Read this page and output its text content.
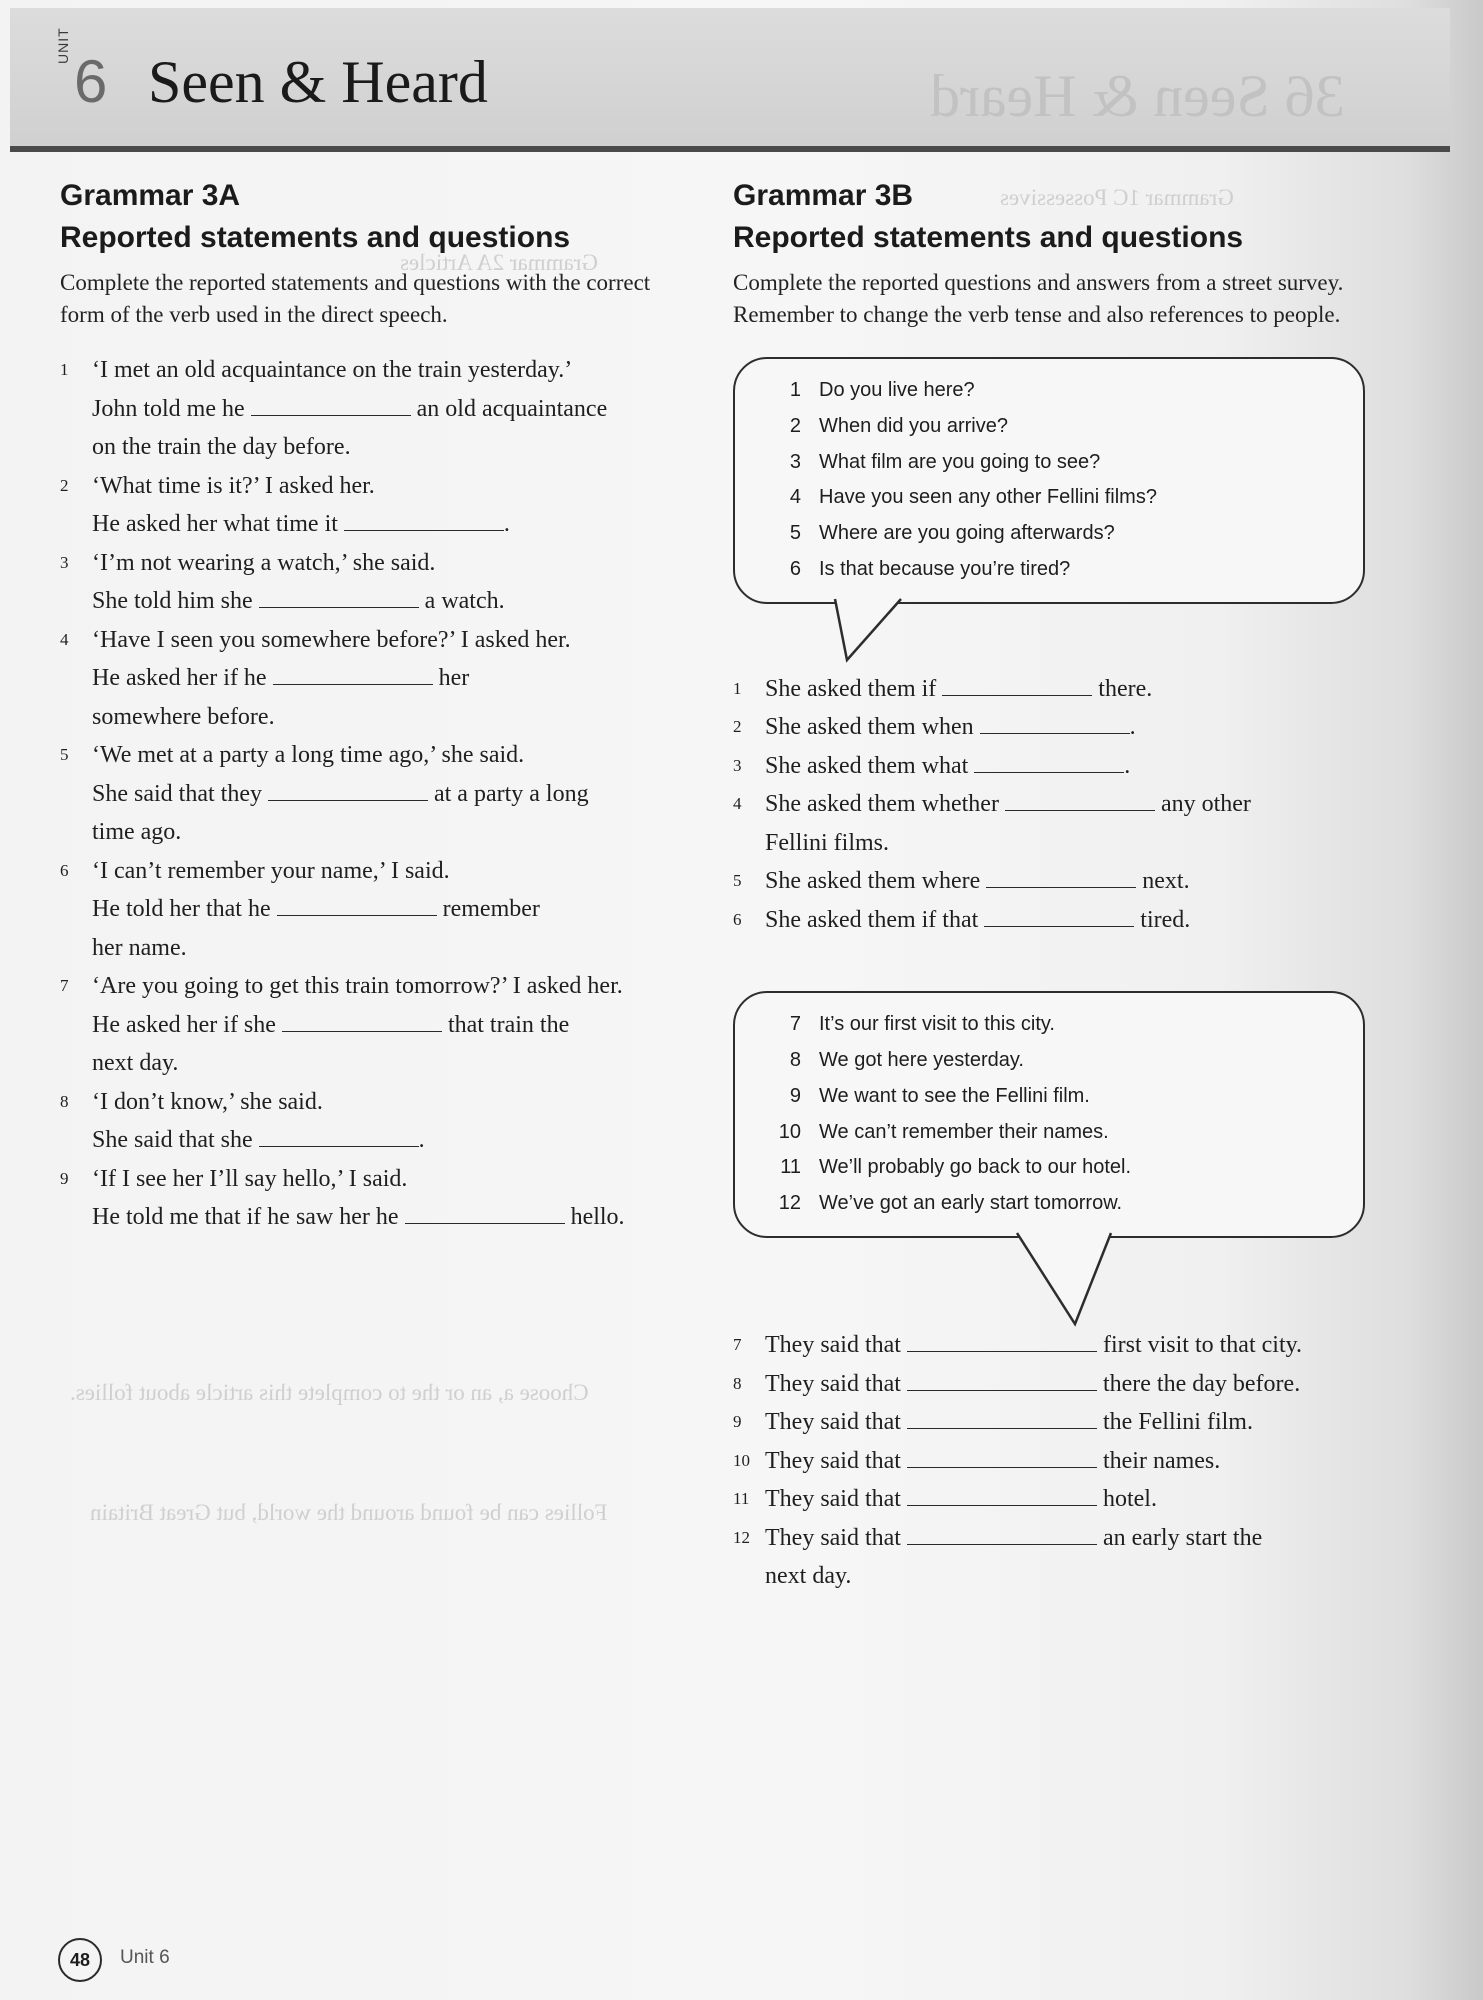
36 Seen & Heard
UNIT
6 Seen & Heard
Grammar 2A Articles
Choose a, an or the to complete this article about follies.
Follies can be found around the world, but Great Britain
Grammar 1C Possessives
Grammar 3A
Reported statements and questions
Complete the reported statements and questions with the correct form of the verb used in the direct speech.
1 ‘I met an old acquaintance on the train yesterday.’
John told me he	an old acquaintance
on the train the day before.
2 ‘What time is it?’ I asked her.
He asked her what time it	.
3 ‘I’m not wearing a watch,’ she said.
She told him she	a watch.
4 ‘Have I seen you somewhere before?’ I asked her.
He asked her if he	her
somewhere before.
5 ‘We met at a party a long time ago,’ she said.
She said that they	at a party a long
time ago.
6 ‘I can’t remember your name,’ I said.
He told her that he	remember
her name.
7 ‘Are you going to get this train tomorrow?’ I asked her.
He asked her if she	that train the
next day.
8 ‘I don’t know,’ she said.
She said that she	.
9 ‘If I see her I’ll say hello,’ I said.
He told me that if he saw her he	hello.
Grammar 3B
Reported statements and questions
Complete the reported questions and answers from a street survey. Remember to change the verb tense and also references to people.
1 Do you live here?
2 When did you arrive?
3 What film are you going to see?
4 Have you seen any other Fellini films?
5 Where are you going afterwards?
6 Is that because you’re tired?
1 She asked them if	there.
2 She asked them when	.
3 She asked them what	.
4 She asked them whether	any other
Fellini films.
5 She asked them where	next.
6 She asked them if that	tired.
7 It’s our first visit to this city.
8 We got here yesterday.
9 We want to see the Fellini film.
10 We can’t remember their names.
11 We’ll probably go back to our hotel.
12 We’ve got an early start tomorrow.
7 They said that	first visit to that city.
8 They said that	there the day before.
9 They said that	the Fellini film.
10 They said that	their names.
11 They said that	hotel.
12 They said that	an early start the
next day.
48	Unit 6
